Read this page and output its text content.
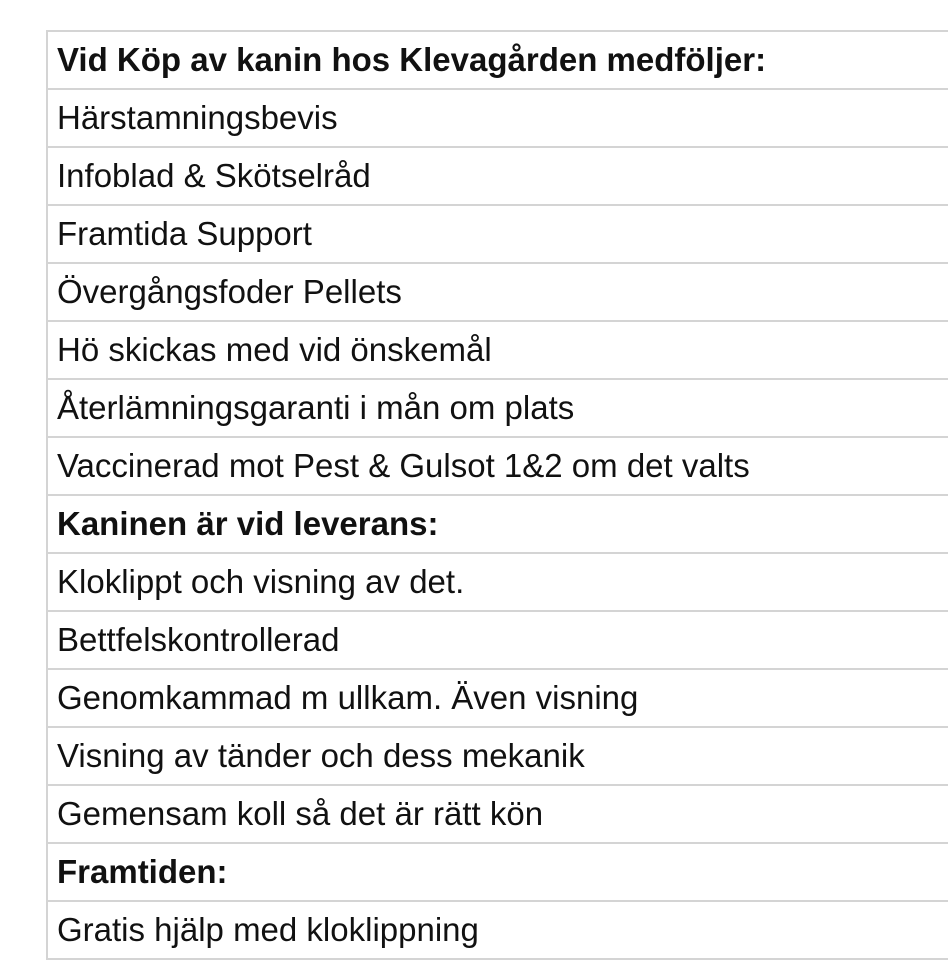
Vid Köp av kanin hos Klevagården medföljer:
Härstamningsbevis
Infoblad & Skötselråd
Framtida Support
Övergångsfoder Pellets
Hö skickas med vid önskemål
Återlämningsgaranti i mån om plats
Vaccinerad mot Pest & Gulsot 1&2 om det valts
Kaninen är vid leverans:
Kloklippt och visning av det.
Bettfelskontrollerad
Genomkammad m ullkam. Även visning
Visning av tänder och dess mekanik
Gemensam koll så det är rätt kön
Framtiden:
Gratis hjälp med kloklippning
